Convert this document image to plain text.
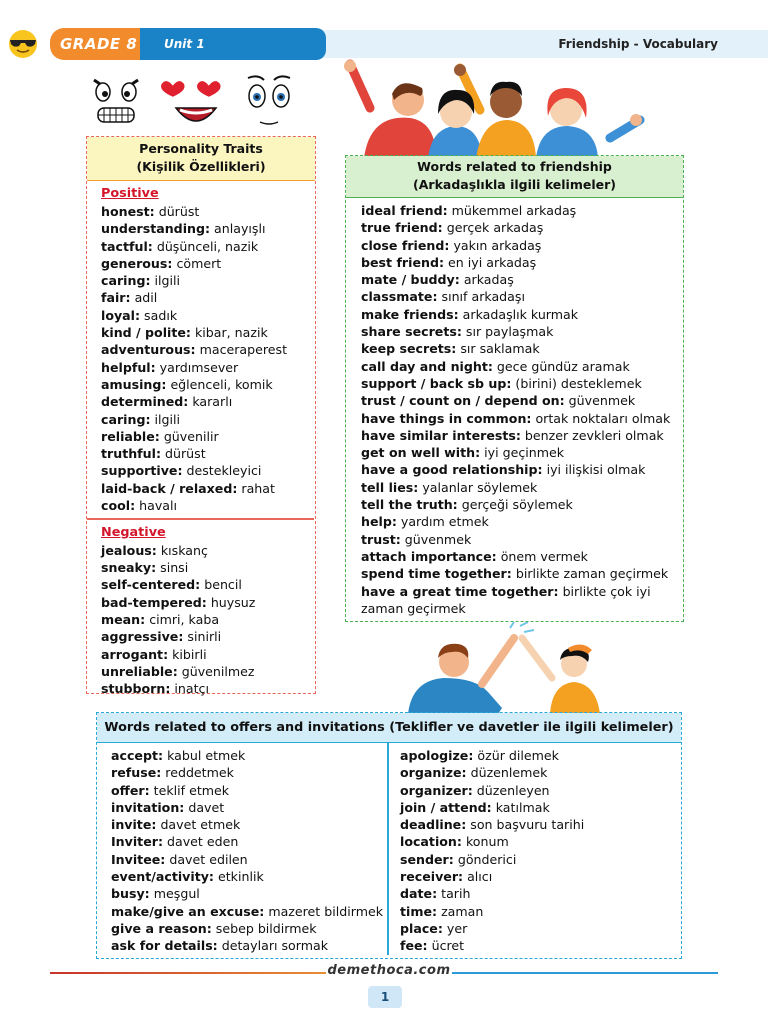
GRADE 8	Unit 1	Friendship - Vocabulary
Personality Traits
(Kişilik Özellikleri)
Positive
honest: dürüst
understanding: anlayışlı
tactful: düşünceli, nazik
generous: cömert
caring: ilgili
fair: adil
loyal: sadık
kind / polite: kibar, nazik
adventurous: maceraperest
helpful: yardımsever
amusing: eğlenceli, komik
determined: kararlı
caring: ilgili
reliable: güvenilir
truthful: dürüst
supportive: destekleyici
laid-back / relaxed: rahat
cool: havalı
Negative
jealous: kıskanç
sneaky: sinsi
self-centered: bencil
bad-tempered: huysuz
mean: cimri, kaba
aggressive: sinirli
arrogant: kibirli
unreliable: güvenilmez
stubborn: inatçı
Words related to friendship
(Arkadaşlıkla ilgili kelimeler)
ideal friend: mükemmel arkadaş
true friend: gerçek arkadaş
close friend: yakın arkadaş
best friend: en iyi arkadaş
mate / buddy: arkadaş
classmate: sınıf arkadaşı
make friends: arkadaşlık kurmak
share secrets: sır paylaşmak
keep secrets: sır saklamak
call day and night: gece gündüz aramak
support / back sb up: (birini) desteklemek
trust / count on / depend on: güvenmek
have things in common: ortak noktaları olmak
have similar interests: benzer zevkleri olmak
get on well with: iyi geçinmek
have a good relationship: iyi ilişkisi olmak
tell lies: yalanlar söylemek
tell the truth: gerçeği söylemek
help: yardım etmek
trust: güvenmek
attach importance: önem vermek
spend time together: birlikte zaman geçirmek
have a great time together: birlikte çok iyi
zaman geçirmek
Words related to offers and invitations (Teklifler ve davetler ile ilgili kelimeler)
accept: kabul etmek
refuse: reddetmek
offer: teklif etmek
invitation: davet
invite: davet etmek
Inviter: davet eden
Invitee: davet edilen
event/activity: etkinlik
busy: meşgul
make/give an excuse: mazeret bildirmek
give a reason: sebep bildirmek
ask for details: detayları sormak
apologize: özür dilemek
organize: düzenlemek
organizer: düzenleyen
join / attend: katılmak
deadline: son başvuru tarihi
location: konum
sender: gönderici
receiver: alıcı
date: tarih
time: zaman
place: yer
fee: ücret
demethoca.com
1
